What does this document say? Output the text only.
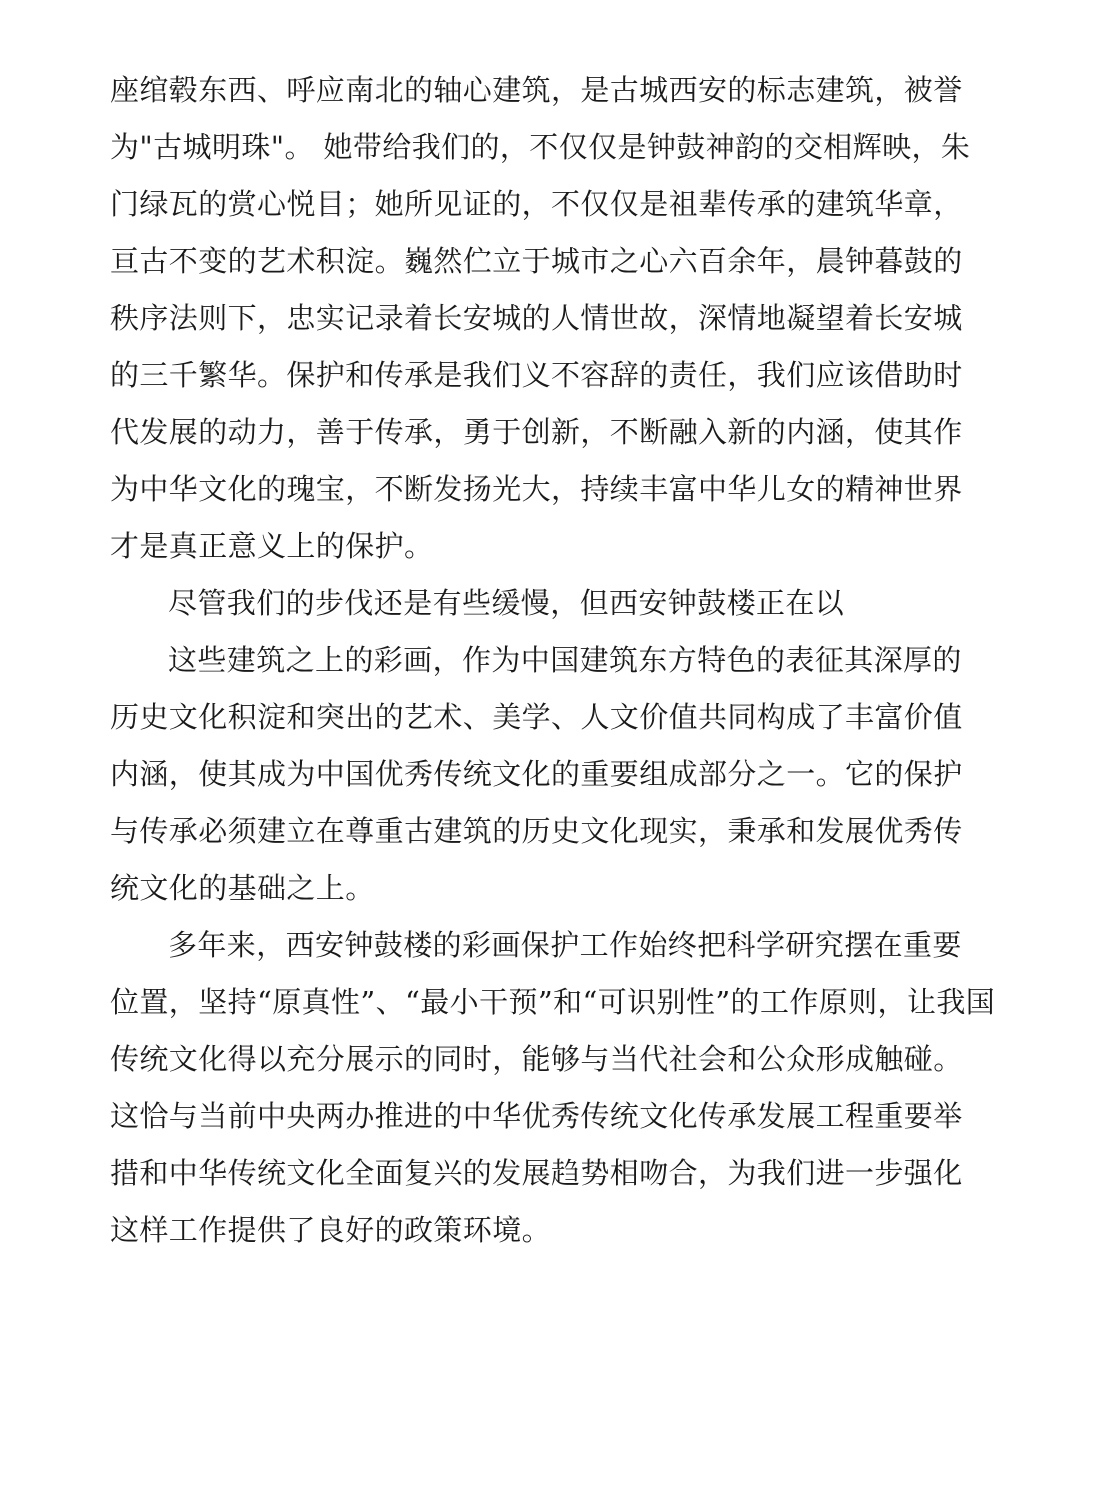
座绾毂东西、呼应南北的轴心建筑，是古城西安的标志建筑，被誉
为"古城明珠"。 她带给我们的，不仅仅是钟鼓神韵的交相辉映，朱
门绿瓦的赏心悦目；她所见证的，不仅仅是祖辈传承的建筑华章，
亘古不变的艺术积淀。巍然伫立于城市之心六百余年，晨钟暮鼓的
秩序法则下，忠实记录着长安城的人情世故，深情地凝望着长安城
的三千繁华。保护和传承是我们义不容辞的责任，我们应该借助时
代发展的动力，善于传承，勇于创新，不断融入新的内涵，使其作
为中华文化的瑰宝，不断发扬光大，持续丰富中华儿女的精神世界
才是真正意义上的保护。
尽管我们的步伐还是有些缓慢，但西安钟鼓楼正在以
这些建筑之上的彩画，作为中国建筑东方特色的表征其深厚的
历史文化积淀和突出的艺术、美学、人文价值共同构成了丰富价值
内涵，使其成为中国优秀传统文化的重要组成部分之一。它的保护
与传承必须建立在尊重古建筑的历史文化现实，秉承和发展优秀传
统文化的基础之上。
多年来，西安钟鼓楼的彩画保护工作始终把科学研究摆在重要
位置，坚持“原真性”、“最小干预”和“可识别性”的工作原则，让我国
传统文化得以充分展示的同时，能够与当代社会和公众形成触碰。
这恰与当前中央两办推进的中华优秀传统文化传承发展工程重要举
措和中华传统文化全面复兴的发展趋势相吻合，为我们进一步强化
这样工作提供了良好的政策环境。
